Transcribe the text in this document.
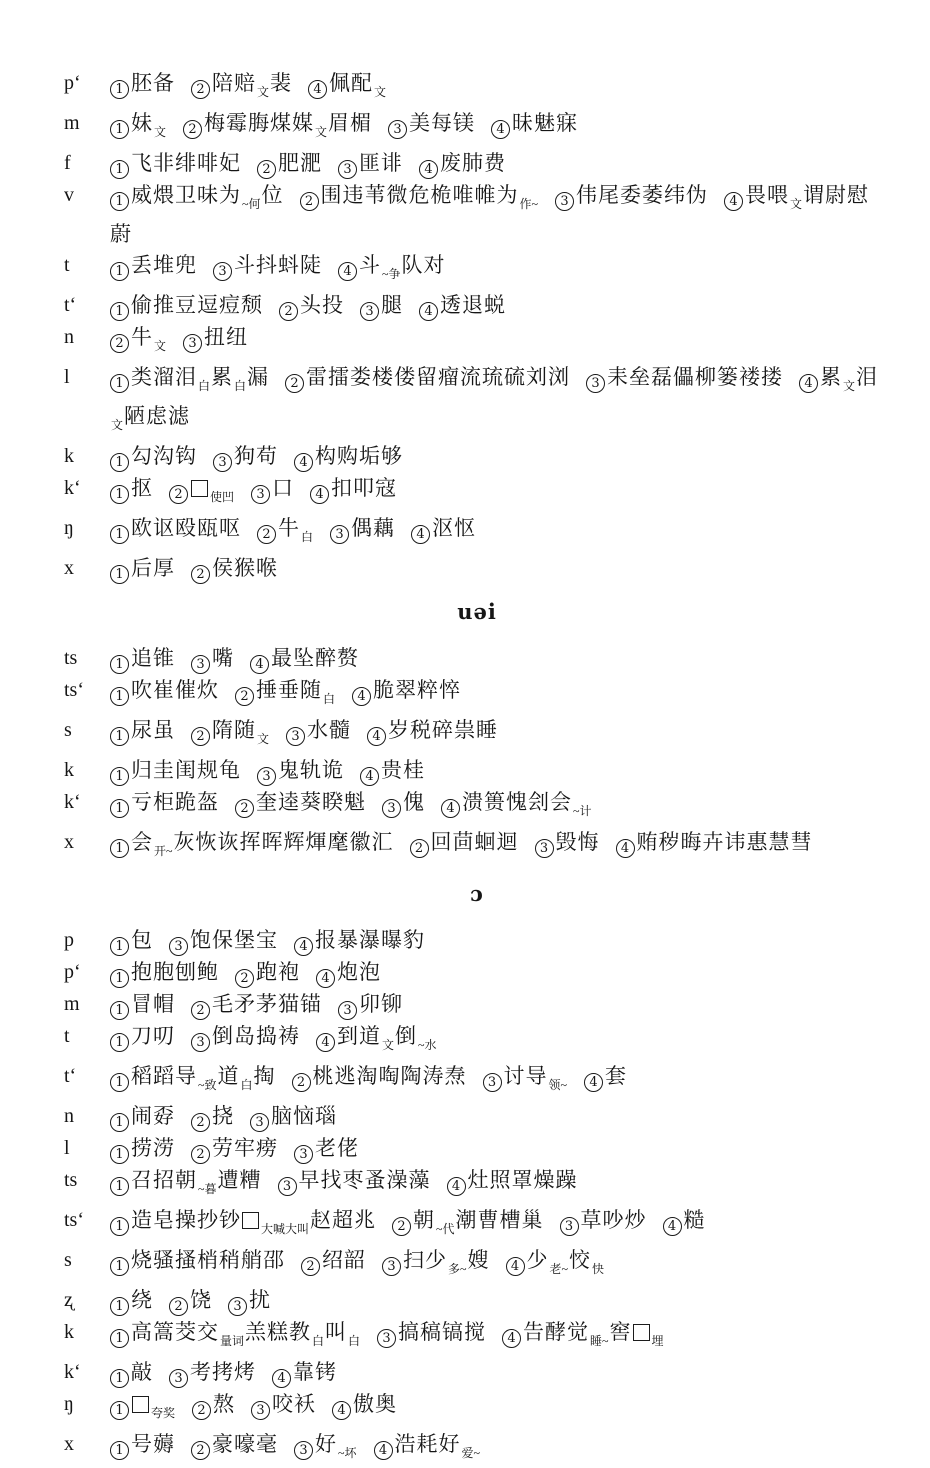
p‘	1 胚备 2 陪赔$_文$裴 4 佩配$_文$
m	1 妹$_文$ 2 梅霉脢煤媒$_文$眉楣 3 美每镁 4 昧魅寐
f	1 飞非绯啡妃 2 肥淝 3 匪诽 4 废肺费
v	1 威煨卫味为$_{\sim 何}$位 2 围违苇微危桅唯帷为$_{作\sim}$ 3 伟尾委萎纬伪 4 畏喂$_文$谓尉慰蔚
t	1 丢堆兜 3 斗抖蚪陡 4 斗$_{\sim 争}$队对
t‘	1 偷推豆逗痘颓 2 头投 3 腿 4 透退蜕
n	2 牛$_文$ 3 扭纽
l	1 类溜泪$_白$累$_白$漏 2 雷擂娄楼偻留瘤流琉硫刘浏 3 耒垒磊儡柳篓褛搂 4 累$_文$泪$_文$陋虑滤
k	1 勾沟钩 3 狗苟 4 构购垢够
k‘	1 抠 2 $_{使凹}$ 3 口 4 扣叩寇
ŋ	1 欧讴殴瓯呕 2 牛$_白$ 3 偶藕 4 沤怄
x	1 后厚 2 侯猴喉
uəi
ts	1 追锥 3 嘴 4 最坠醉赘
ts‘	1 吹崔催炊 2 捶垂随$_白$ 4 脆翠粹悴
s	1 尿虽 2 隋随$_文$ 3 水髓 4 岁税碎祟睡
k	1 归圭闺规龟 3 鬼轨诡 4 贵桂
k‘	1 亏柜跪盔 2 奎逵葵睽魁 3 傀 4 溃篑愧刽会$_{\sim 计}$
x	1 会$_{开\sim}$灰恢诙挥晖辉煇麾徽汇 2 回茴蛔迴 3 毁悔 4 贿秽晦卉讳惠慧彗
ɔ
p	1 包 3 饱保堡宝 4 报暴瀑曝豹
p‘	1 抱胞刨鲍 2 跑袍 4 炮泡
m	1 冒帽 2 毛矛茅猫锚 3 卯铆
t	1 刀叨 3 倒岛捣祷 4 到道$_文$倒$_{\sim 水}$
t‘	1 稻蹈导$_{\sim 致}$道$_白$掏 2 桃逃淘啕陶涛焘 3 讨导$_{领\sim}$ 4 套
n	1 闹孬 2 挠 3 脑恼瑙
l	1 捞涝 2 劳牢痨 3 老佬
ts	1 召招朝$_{\sim 暮}$遭糟 3 早找枣蚤澡藻 4 灶照罩燥躁
ts‘	1 造皂操抄钞 $_{大喊大叫}$赵超兆 2 朝$_{\sim 代}$潮曹槽巢 3 草吵炒 4 糙
s	1 烧骚搔梢稍艄邵 2 绍韶 3 扫少$_{多\sim}$嫂 4 少$_{老\sim}$恔$_快$
ʐ	1 绕 2 饶 3 扰
k	1 高篙茭交$_{量词}$羔糕教$_白$叫$_白$ 3 搞稿镐搅 4 告酵觉$_{睡\sim}$窖 $_埋$
k‘	1 敲 3 考拷烤 4 靠铐
ŋ	1 $_{夸奖}$ 2 熬 3 咬袄 4 傲奥
x	1 号薅 2 豪嚎毫 3 好$_{\sim 坏}$ 4 浩耗好$_{爱\sim}$
